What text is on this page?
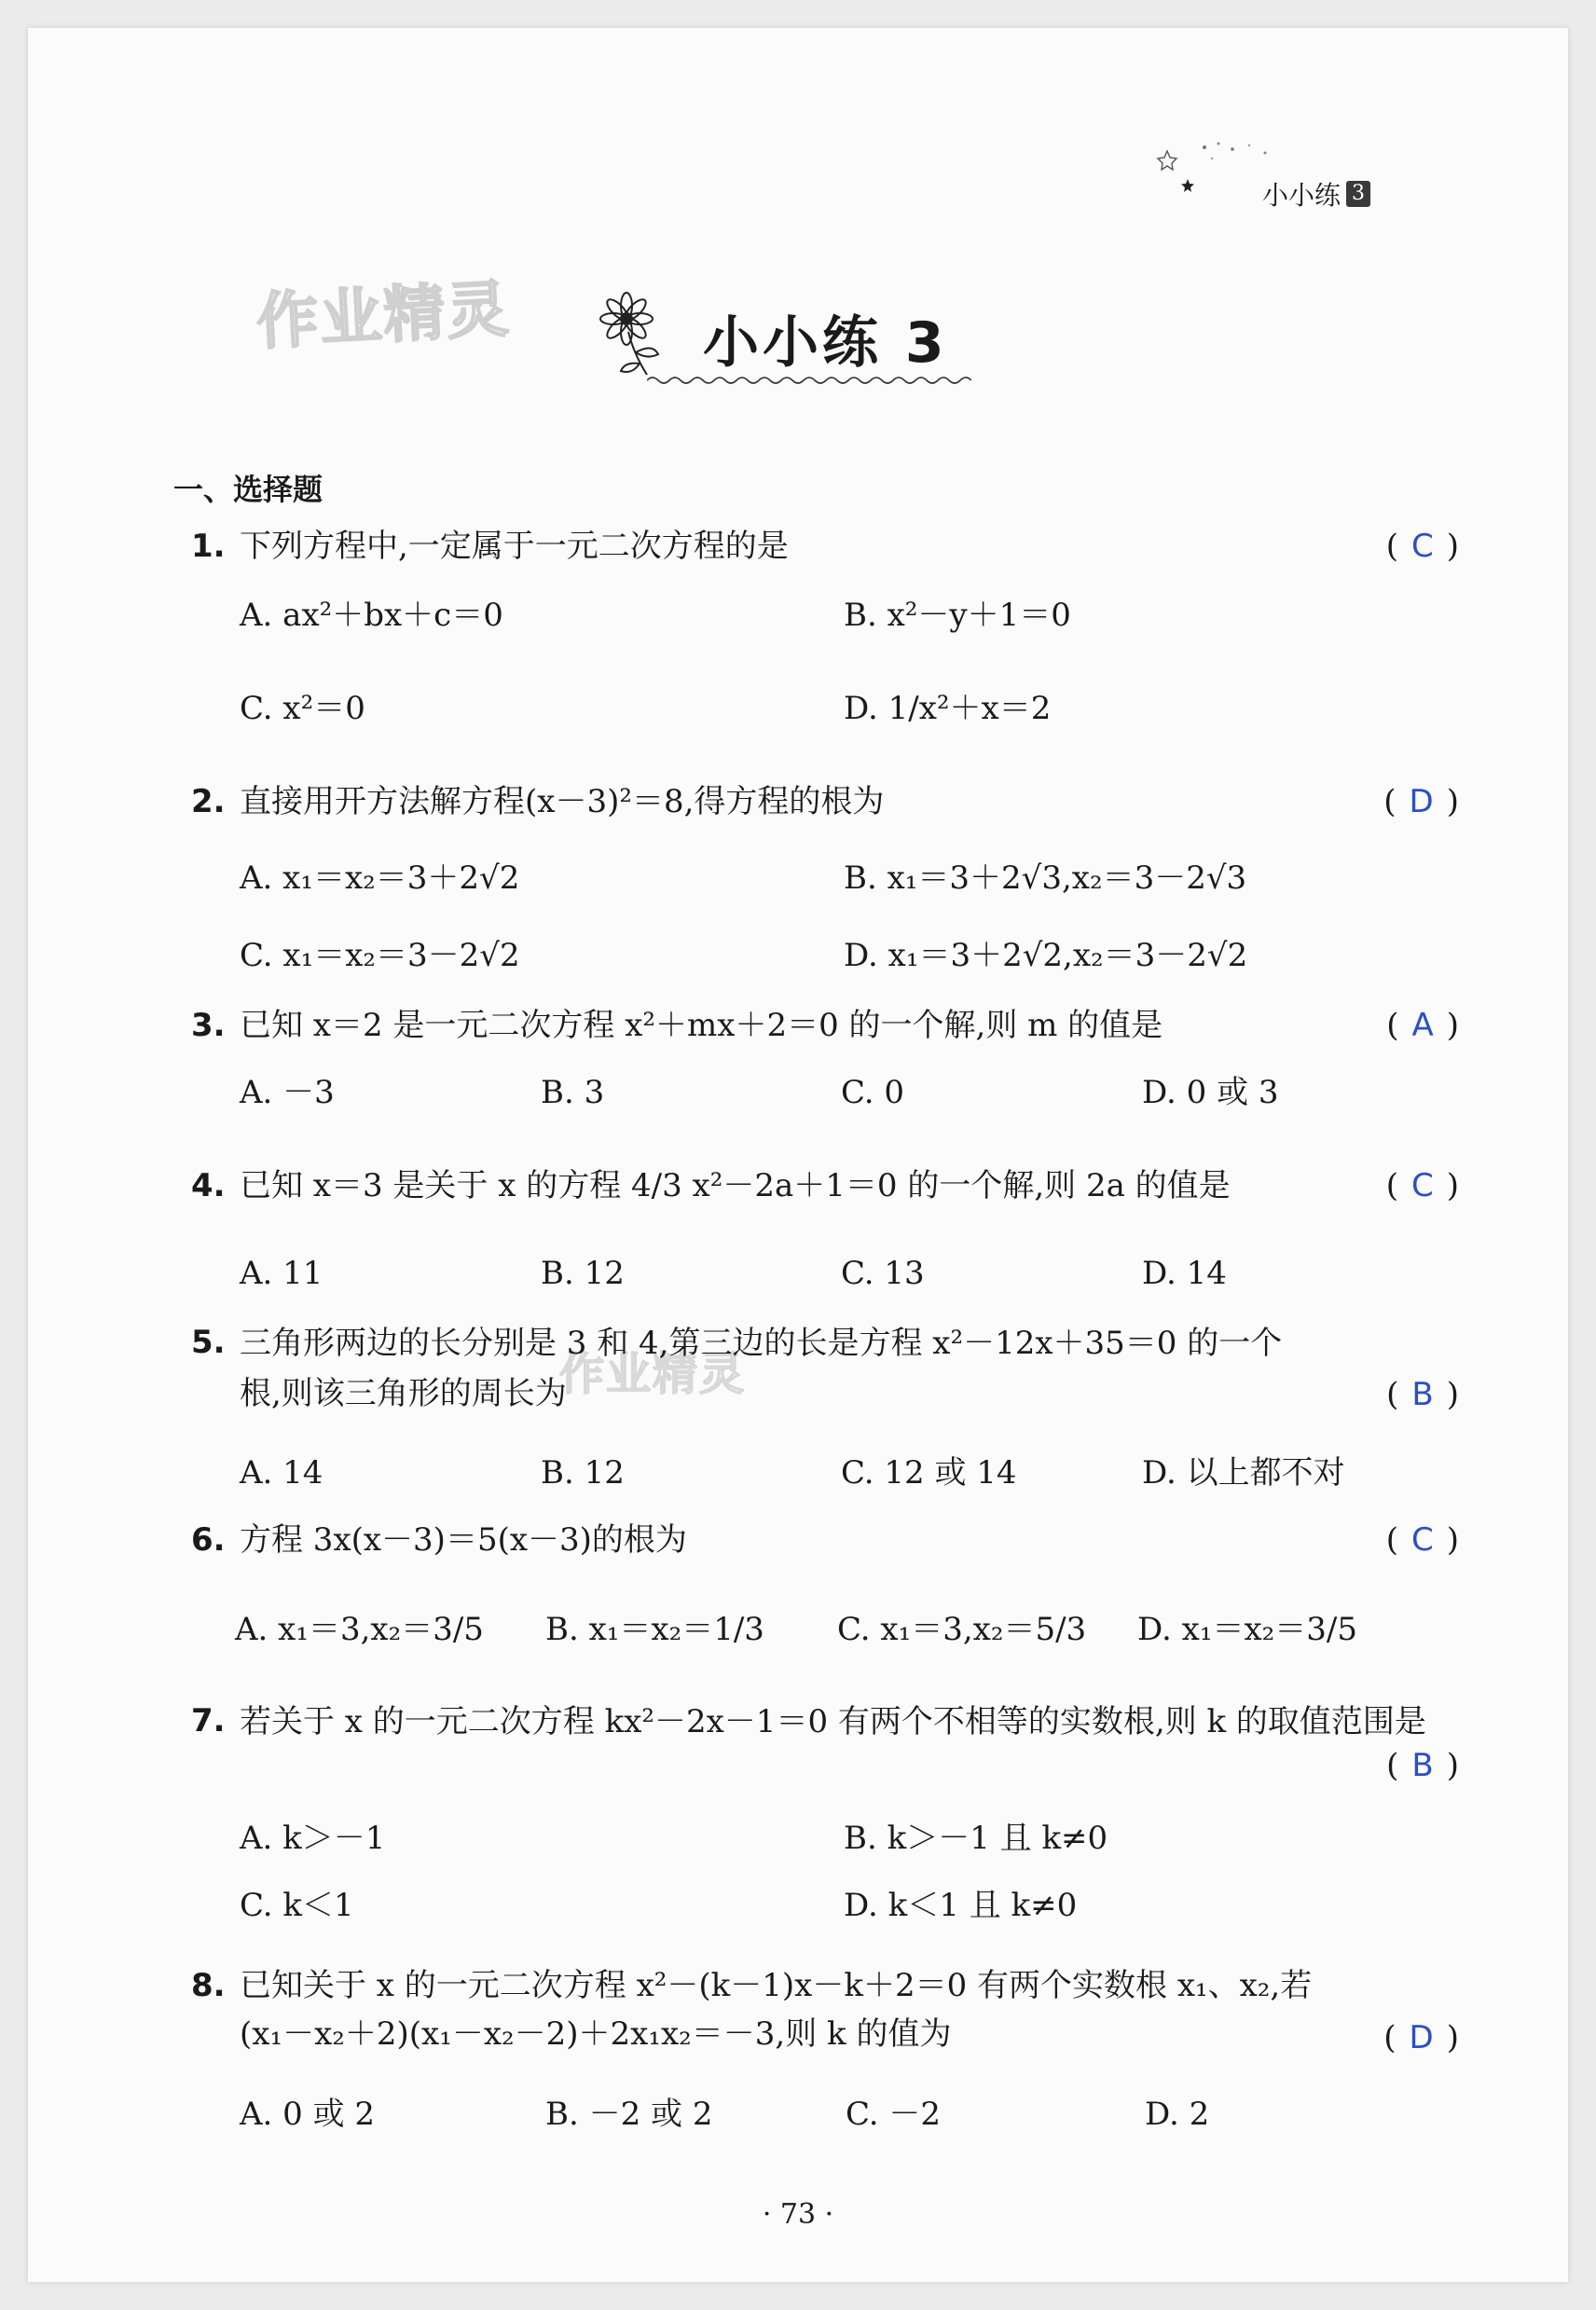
小小练 3
作业精灵
作业精灵
小小练 3
一、选择题
1. 下列方程中,一定属于一元二次方程的是	( C )
A. ax²＋bx＋c＝0	B. x²－y＋1＝0
C. x²＝0	D. 1/x²＋x＝2
2. 直接用开方法解方程(x－3)²＝8,得方程的根为	( D )
A. x₁＝x₂＝3＋2√2	B. x₁＝3＋2√3,x₂＝3－2√3
C. x₁＝x₂＝3－2√2	D. x₁＝3＋2√2,x₂＝3－2√2
3. 已知 x＝2 是一元二次方程 x²＋mx＋2＝0 的一个解,则 m 的值是	( A )
A. －3	B. 3	C. 0	D. 0 或 3
4. 已知 x＝3 是关于 x 的方程 4/3 x²－2a＋1＝0 的一个解,则 2a 的值是	( C )
A. 11	B. 12	C. 13	D. 14
5. 三角形两边的长分别是 3 和 4,第三边的长是方程 x²－12x＋35＝0 的一个根,则该三角形的周长为	( B )
A. 14	B. 12	C. 12 或 14	D. 以上都不对
6. 方程 3x(x－3)＝5(x－3)的根为	( C )
A. x₁＝3,x₂＝3/5 B. x₁＝x₂＝1/3 C. x₁＝3,x₂＝5/3 D. x₁＝x₂＝3/5
7. 若关于 x 的一元二次方程 kx²－2x－1＝0 有两个不相等的实数根,则 k 的取值范围是
( B )
A. k＞－1	B. k＞－1 且 k≠0
C. k＜1	D. k＜1 且 k≠0
8. 已知关于 x 的一元二次方程 x²－(k－1)x－k＋2＝0 有两个实数根 x₁、x₂,若(x₁－x₂＋2)(x₁－x₂－2)＋2x₁x₂＝－3,则 k 的值为	( D )
A. 0 或 2	B. －2 或 2	C. －2	D. 2
· 73 ·
